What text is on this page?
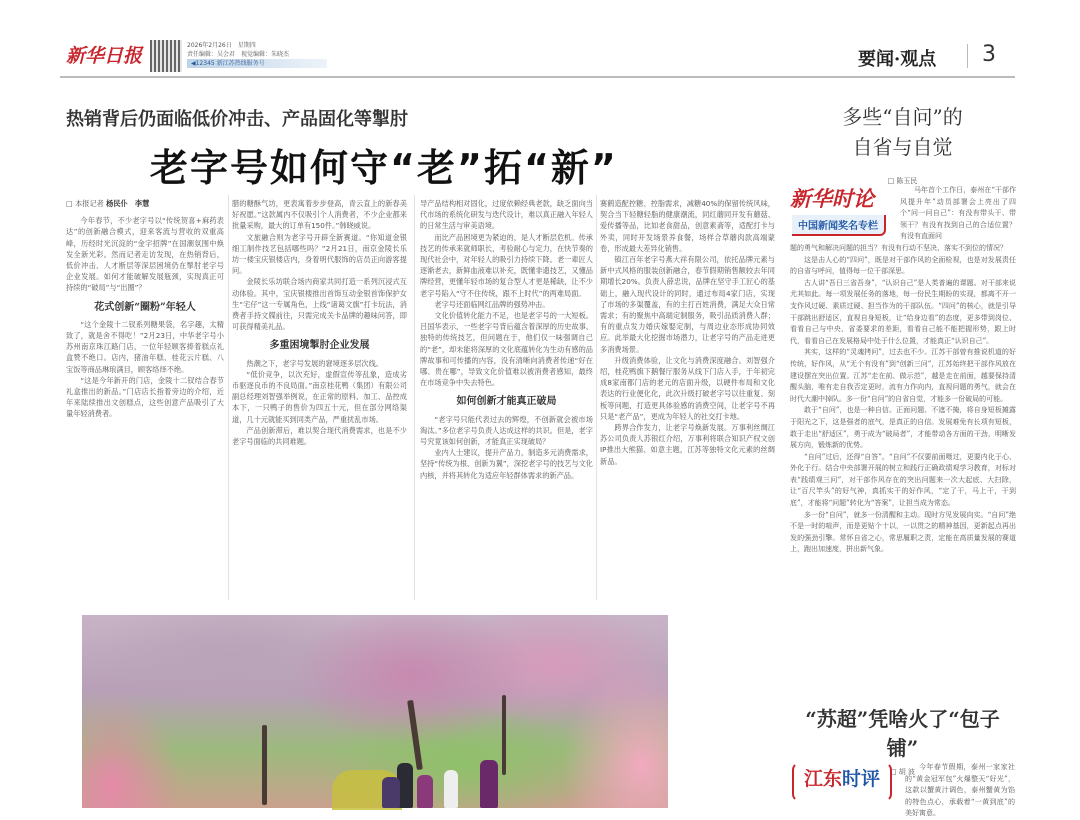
新华日报	2026年2月26日　星期四
责任编辑：吴会君　视觉编辑：朱晓杰
◀12345 新江苏热线服务号	要闻·观点 3
热销背后仍面临低价冲击、产品固化等掣肘
老字号如何守“老”拓“新”
□ 本报记者 杨民仆　李慧

今年春节，不少老字号以“传统贺喜+麻药表达”的创新融合模式，迎来客流与营收的双重高峰，历经时光沉淀的“金字招牌”在国潮氛围中焕发全新光彩。然而记者走访发现，在热销背后，低价冲击、人才断层等深层困境仍在掣肘老字号企业发展。如何才能破解发展瓶颈，实现真正可持续的“破局”与“出圈”？

花式创新“圈粉”年轻人

“这个金陵十二钗系列糖果袋，名字趣，太精致了，就是舍不得吃！”2月23日，中华老字号小苏州南京珠江路门店，一位年轻顾客捧着糕点礼盒赞不绝口。店内，猪油年糕、桂花云片糕、八宝饭等商品琳琅满目，顾客络绎不绝。

“这是今年新开的门店，金陵十二钗结合春节礼盒推出的新品。”门店店长指着旁边的介绍，近年来陆续推出文创糕点，这些创意产品吸引了大量年轻消费者。

腊的糖酥气坊，更表寓着步步登高，青云直上的新春美好祝愿。”这款属内不仅吸引个人消费者，不少企业都来批量采购，最大的订单有150件。”韩晓威说。

文旅融合则为老字号开辟全新赛道。“你知道金银细工制作技艺包括哪些吗？”2月21日，南京金陵长乐坊一楼宝庆银楼店内，身着明代服饰的店员正向游客提问。

金陵长乐坊联合场内商家共同打造一系列沉浸式互动体验。其中，宝庆银楼推出首饰互动金银首饰保护女生“宅仔”这一专属角色，上线“诸葛文旗”打卡玩法，消费者手持文牒前往，只需完成关卡品牌的趣味问答，即可获得精美礼品。

多重困境掣肘企业发展

热潮之下，老字号发展的窘境逐多层次线。

“低价竞争，以次充好，虚假宣传等乱象，造成劣币驱逐良币的不良局面。”南京桂花鸭（集团）有限公司副总经理刘智强举例说，在正常的原料、加工、品控成本下，一只鸭子的售价为四五十元，但在部分网络渠道，几十元就能买到同类产品，严重扰乱市场。

产品创新滞后，难以契合现代消费需求，也是不少老字号面临的共同难题。

导产品结构相对固化，过度依赖经典老款，缺乏面向当代市场的系统化研发与迭代设计，难以真正融入年轻人的日常生活与审美语境。

而比产品困境更为紧迫的，是人才断层危机。传承技艺的传承来就师职长，考验耐心与定力，在快节奏的现代社会中，对年轻人的吸引力持续下降。老一辈匠人逐渐老去，新鲜血液难以补充，既懂非遗技艺，又懂品牌经营，更懂年轻市场的复合型人才更是稀缺，让不少老字号陷入“守不住传统，跟不上时代”的两难局面。

老字号还面临网红品牌的强势冲击。

文化价值转化能力不足，也是老字号的一大短板。吕国华表示，一些老字号背后蕴含着深厚的历史故事、独特的传统技艺，但问题在于，他们仅一味强调自己的“老”，却未能将深厚的文化底蕴转化为生动有感的品牌故事和可传播的内容，没有清晰向消费者传递“好在哪、贵在哪”，导致文化价值难以被消费者感知，最终在市场竞争中失去特色。

如何创新才能真正破局

“老字号只能代表过去的辉煌，不创新就会被市场淘汰。”多位老字号负责人达成这样的共识。但是，老字号究竟该如何创新，才能真正实现破局？

业内人士建议，提升产品力，制造多元消费需求，坚持“传统为根、创新为翼”，深挖老字号的技艺与文化内核，并将其转化为适应年轻群体需求的新产品。

赛鹤造配控糖、控脂需求，减糖40%的保留传统风味，契合当下轻糖轻脂的健康潮流，同红蘑同开发有蘑菇、爱传播等品，比如老食甜品，创意素斋等，适配打卡与外卖，同时开发场景养食餐，场样合草蘑肉款高端蒙卷，形成最大差异化销售。

镇江百年老字号燕大祥有限公司，依托品牌元素与新中式风格的服装创新融合，春节假期销售额较去年同期增长20%。负责人薛忠说，品牌在坚守手工匠心的基础上，融入现代设计的同时，通过布局4家门店，实现了市场的多渠覆盖，有的主打百姓消费，满足大众日常需求；有的聚焦中高端定制服务，吸引品质消费人群；有的重点发力婚庆嫁娶定制，与周边业态形成协同效应。此举最大化挖掘市场潜力，让老字号的产品走进更多消费场景。

升级消费体验，让文化与消费深度融合。刘智强介绍，桂花鸭旗下鹅餐厅服务从线下门店入手，于年初完成8家南都门店的老元的店面升级，以硬件布局和文化表达的行业便化化，此次升级打破老字号以往重复、刻板等问题，打造更具体验感的消费空间，让老字号不再只是“老产品”，更成为年轻人的社交打卡地。

跨界合作发力，让老字号焕新发展。万事利丝绸江苏公司负责人苏银红介绍，万事利将联合知识产权文创IP推出大熊猫、如意主题，江苏等独特文化元素的丝绸新品。

多些“自问”的
自省与自觉
□ 陈玉民
新华时论
中国新闻奖名专栏
马年首个工作日，泰州在“干部作风提升年”动员部署会上亮出了四个“问一问自己”：有没有带头干、带领干？有没有找到自己的合适位置？有没有直面问

题的勇气和解决问题的担当？有没有行动不坚决、落实不到位的情况？

这是击人心的“四问”，既是对干部作风的全面检视，也是对发展责任的自省与呼问，值得每一位干部深思。

古人讲“吾日三省吾身”，“认识自己”是人类普遍的课题。对干部来说尤其如此。每一项发展任务的落地，每一份民生期盼的实现，都离不开一支作风过硬、素质过硬、担当作为的干部队伍。“四问”的核心，就是引导干部跳出舒适区，直视自身短板，让“给身边看”的态度，更多带到岗位、看看自己与中央、省委要求的差距，看看自己能不能把握形势，跟上时代，看看自己在发展格局中处于什么位置，才能真正“认识自己”。

其实，这样的“灵魂拷问”，过去也不少。江苏干部曾有推说机道的好传统，好作风，从“无个有没有”到“创新三问”，江苏始终把干部作风放在建设摆在突出位置。江苏“走在前、做示范”，越是走在前面，越要保持清醒头脑，唯有走自我否定更时，流有力作向内，直视问题的勇气，就会在时代大潮中掉队。多一份“自问”的自省自觉，才能多一份破局的可能。

敢于“自问”，也是一种自信。正面问题、不遮不掩，将自身短板摊露于阳光之下，这是强者的底气，是真正的自信。发展难免有长项有短板，敢于走出“舒适区”，勇于成为“破局者”，才能带动各方面的干劲，明晰发展方向，锻炼新的优势。

“自问”过后，还得“自答”。“自问”不仅要前面嗫过，更要内化于心、外化于行。结合中央部署开展的树立和践行正确政绩观学习教育，对标对表“践绩观三问”，对干部作风存在的突出问题来一次大起底、大扫除，让“百尺竿头”的好气神，真抓实干的好作风，“定了干，马上干，干到底”，才能将“问题”转化为“答案”，让担当成为常态。

多一份“自问”，就多一份清醒和主动。现时方见发展向实。“自问”绝不是一时的喧声，而是更贴个十以，一以贯之的精神基因，更新起点再出发的强劲引擎。常怀自省之心，常思履职之责，定能在高质量发展的赛道上，跑出加速度，拼出新气象。

“苏超”凭啥火了“包子铺”
□ 胡 波
江东时评
今年春节假期，泰州一家家社的“黄金冠军包”火爆整天“好光”，这款以蟹黄汁调色，泰州蟹黄为馅的特色点心，承载着“一黄到底”的美好寓意。
